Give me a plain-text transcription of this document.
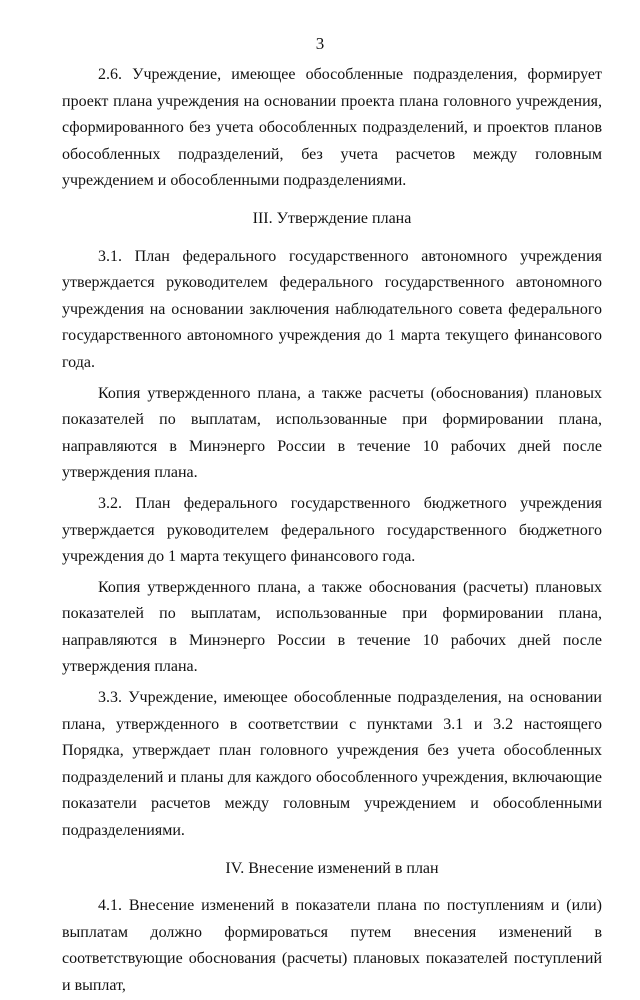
3

2.6. Учреждение, имеющее обособленные подразделения, формирует проект плана учреждения на основании проекта плана головного учреждения, сформированного без учета обособленных подразделений, и проектов планов обособленных подразделений, без учета расчетов между головным учреждением и обособленными подразделениями.

III. Утверждение плана

3.1. План федерального государственного автономного учреждения утверждается руководителем федерального государственного автономного учреждения на основании заключения наблюдательного совета федерального государственного автономного учреждения до 1 марта текущего финансового года.

Копия утвержденного плана, а также расчеты (обоснования) плановых показателей по выплатам, использованные при формировании плана, направляются в Минэнерго России в течение 10 рабочих дней после утверждения плана.

3.2. План федерального государственного бюджетного учреждения утверждается руководителем федерального государственного бюджетного учреждения до 1 марта текущего финансового года.

Копия утвержденного плана, а также обоснования (расчеты) плановых показателей по выплатам, использованные при формировании плана, направляются в Минэнерго России в течение 10 рабочих дней после утверждения плана.

3.3. Учреждение, имеющее обособленные подразделения, на основании плана, утвержденного в соответствии с пунктами 3.1 и 3.2 настоящего Порядка, утверждает план головного учреждения без учета обособленных подразделений и планы для каждого обособленного учреждения, включающие показатели расчетов между головным учреждением и обособленными подразделениями.

IV. Внесение изменений в план

4.1. Внесение изменений в показатели плана по поступлениям и (или) выплатам должно формироваться путем внесения изменений в соответствующие обоснования (расчеты) плановых показателей поступлений и выплат,
